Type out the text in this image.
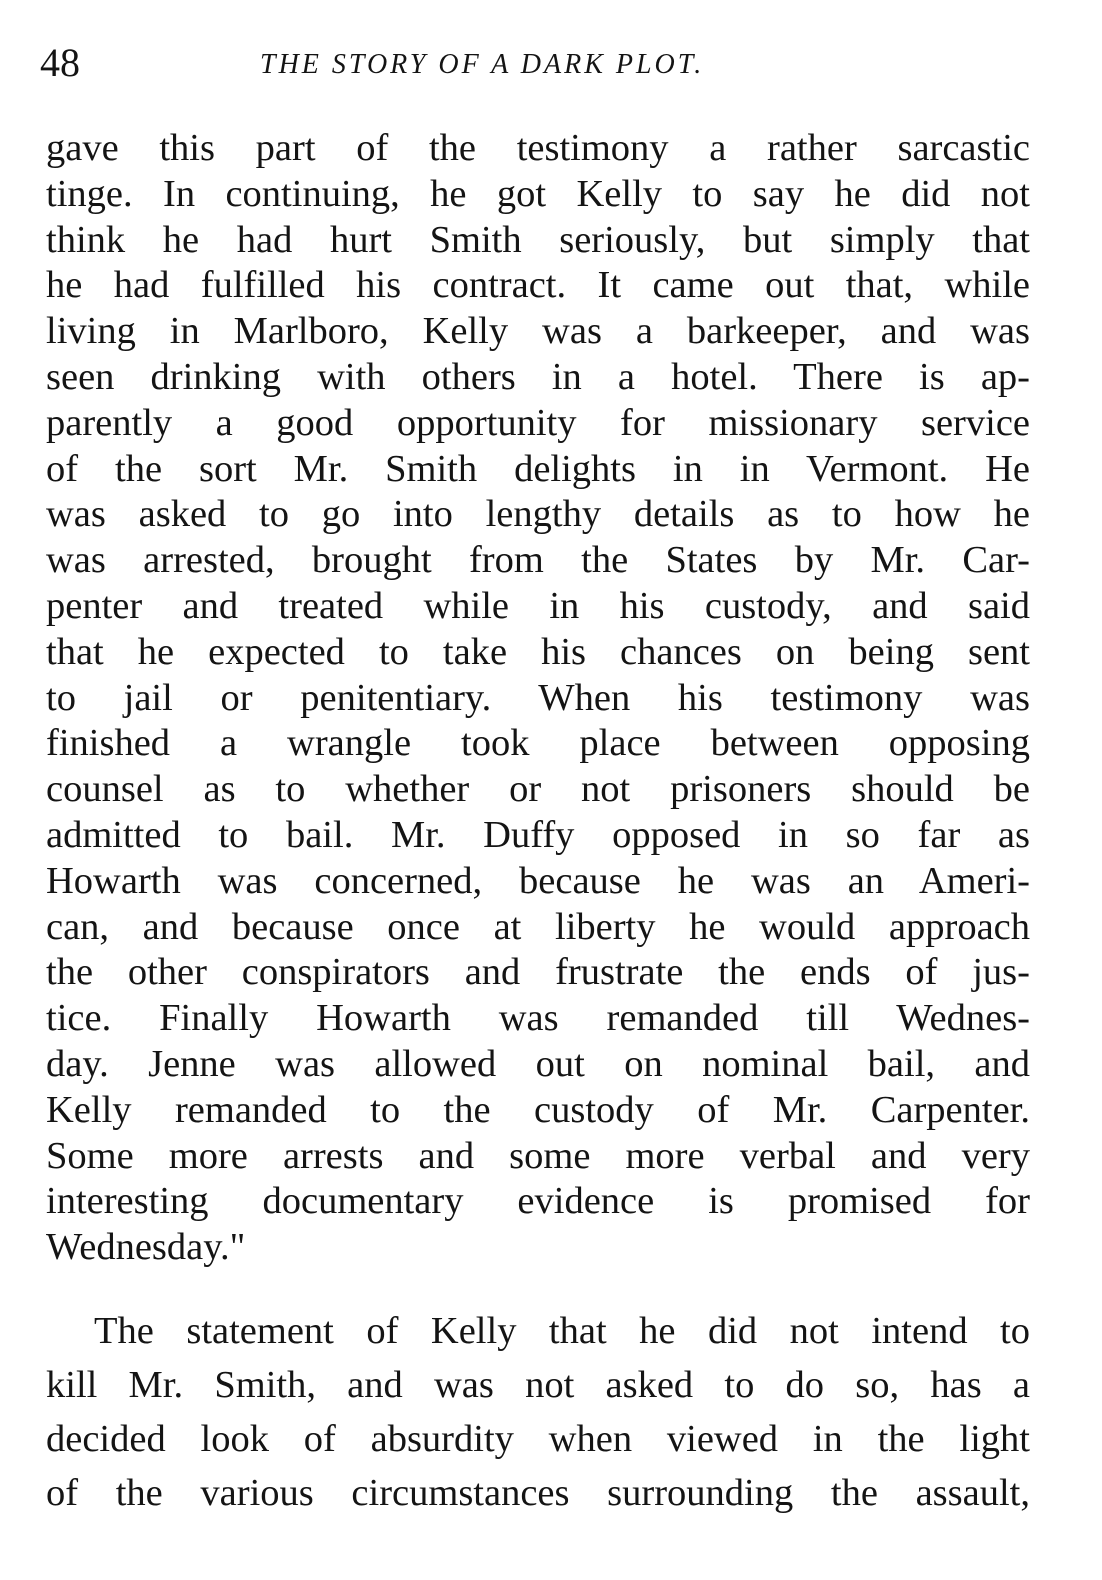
48	THE STORY OF A DARK PLOT.
gave this part of the testimony a rather sarcastic
tinge. In continuing, he got Kelly to say he did not
think he had hurt Smith seriously, but simply that
he had fulfilled his contract. It came out that, while
living in Marlboro, Kelly was a barkeeper, and was
seen drinking with others in a hotel. There is ap-
parently a good opportunity for missionary service
of the sort Mr. Smith delights in in Vermont. He
was asked to go into lengthy details as to how he
was arrested, brought from the States by Mr. Car-
penter and treated while in his custody, and said
that he expected to take his chances on being sent
to jail or penitentiary. When his testimony was
finished a wrangle took place between opposing
counsel as to whether or not prisoners should be
admitted to bail. Mr. Duffy opposed in so far as
Howarth was concerned, because he was an Ameri-
can, and because once at liberty he would approach
the other conspirators and frustrate the ends of jus-
tice. Finally Howarth was remanded till Wednes-
day. Jenne was allowed out on nominal bail, and
Kelly remanded to the custody of Mr. Carpenter.
Some more arrests and some more verbal and very
interesting documentary evidence is promised for
Wednesday."
The statement of Kelly that he did not intend to
kill Mr. Smith, and was not asked to do so, has a
decided look of absurdity when viewed in the light
of the various circumstances surrounding the assault,
